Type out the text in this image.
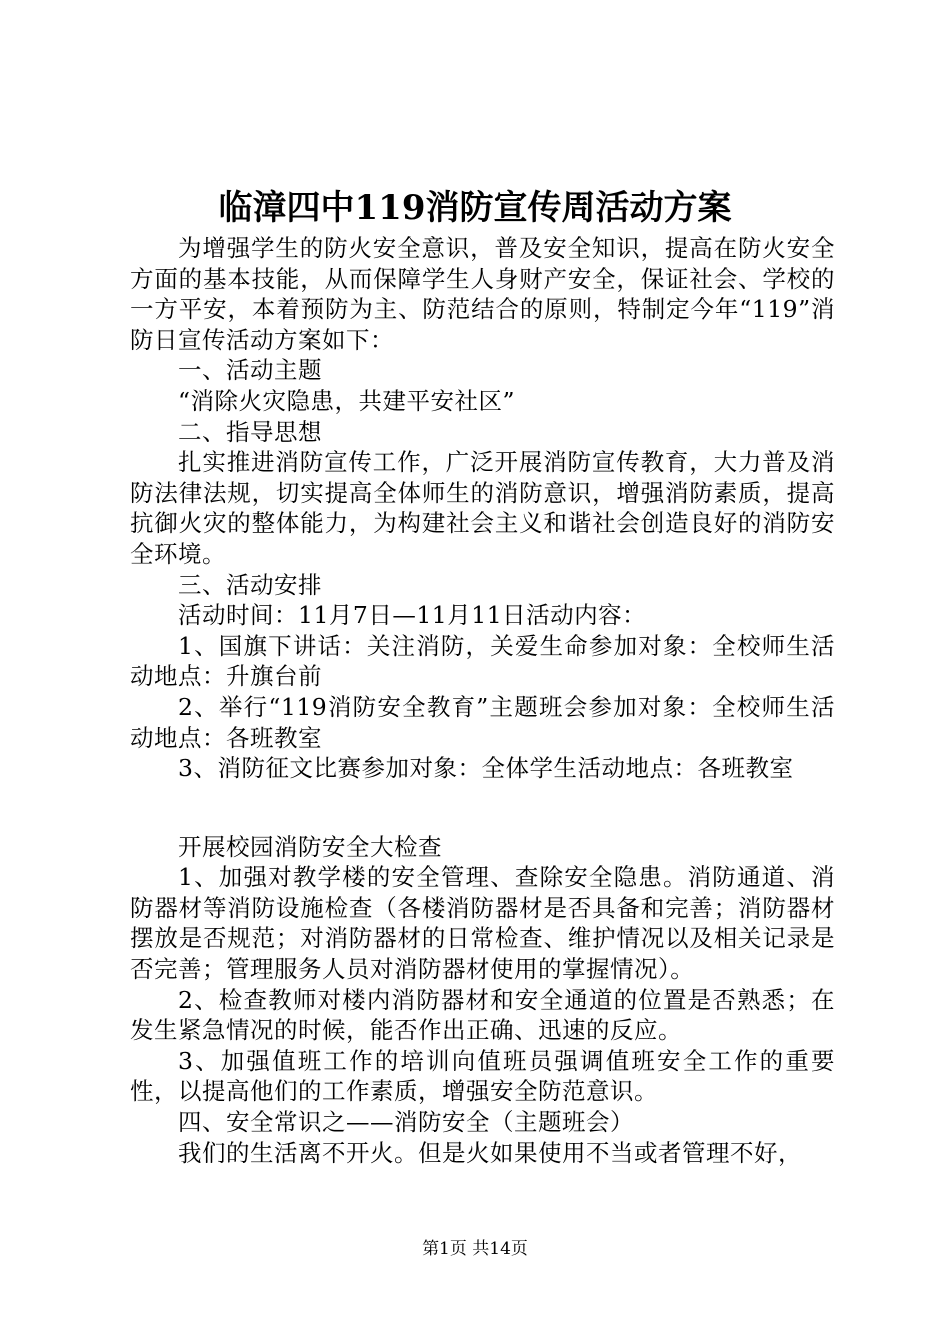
临漳四中119消防宣传周活动方案

为增强学生的防火安全意识，普及安全知识，提高在防火安全方面的基本技能，从而保障学生人身财产安全，保证社会、学校的一方平安，本着预防为主、防范结合的原则，特制定今年“119”消防日宣传活动方案如下：

一、活动主题

“消除火灾隐患，共建平安社区”

二、指导思想

扎实推进消防宣传工作，广泛开展消防宣传教育，大力普及消防法律法规，切实提高全体师生的消防意识，增强消防素质，提高抗御火灾的整体能力，为构建社会主义和谐社会创造良好的消防安全环境。

三、活动安排

活动时间：11月7日—11月11日活动内容：

1、国旗下讲话：关注消防，关爱生命参加对象：全校师生活动地点：升旗台前

2、举行“119消防安全教育”主题班会参加对象：全校师生活动地点：各班教室

3、消防征文比赛参加对象：全体学生活动地点：各班教室

开展校园消防安全大检查

1、加强对教学楼的安全管理、查除安全隐患。消防通道、消防器材等消防设施检查（各楼消防器材是否具备和完善；消防器材摆放是否规范；对消防器材的日常检查、维护情况以及相关记录是否完善；管理服务人员对消防器材使用的掌握情况）。

2、检查教师对楼内消防器材和安全通道的位置是否熟悉；在发生紧急情况的时候，能否作出正确、迅速的反应。

3、加强值班工作的培训向值班员强调值班安全工作的重要性，以提高他们的工作素质，增强安全防范意识。

四、安全常识之——消防安全（主题班会）

我们的生活离不开火。但是火如果使用不当或者管理不好，

第1页 共14页
